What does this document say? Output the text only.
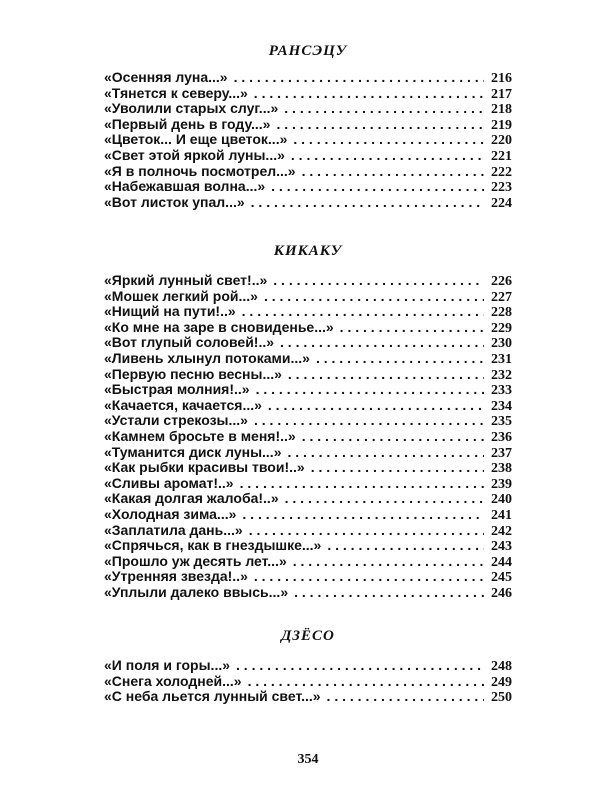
РАНСЭЦУ
«Осенняя луна...» . . .	216
«Тянется к северу...» . . .	217
«Уволили старых слуг...» . . .	218
«Первый день в году...» . . .	219
«Цветок... И еще цветок...» . . .	220
«Свет этой яркой луны...» . . .	221
«Я в полночь посмотрел...» . . .	222
«Набежавшая волна...» . . .	223
«Вот листок упал...» . . .	224
КИКАКУ
«Яркий лунный свет!..» . . .	226
«Мошек легкий рой...» . . .	227
«Нищий на пути!..» . . .	228
«Ко мне на заре в сновиденье...» . . .	229
«Вот глупый соловей!..» . . .	230
«Ливень хлынул потоками...» . . .	231
«Первую песню весны...» . . .	232
«Быстрая молния!..» . . .	233
«Качается, качается...» . . .	234
«Устали стрекозы...» . . .	235
«Камнем бросьте в меня!..» . . .	236
«Туманится диск луны...» . . .	237
«Как рыбки красивы твои!..» . . .	238
«Сливы аромат!..» . . .	239
«Какая долгая жалоба!..» . . .	240
«Холодная зима...» . . .	241
«Заплатила дань...» . . .	242
«Спрячься, как в гнездышке...» . . .	243
«Прошло уж десять лет...» . . .	244
«Утренняя звезда!..» . . .	245
«Уплыли далеко ввысь...» . . .	246
ДЗЁСО
«И поля и горы...» . . .	248
«Снега холодней...» . . .	249
«С неба льется лунный свет...» . . .	250
354
